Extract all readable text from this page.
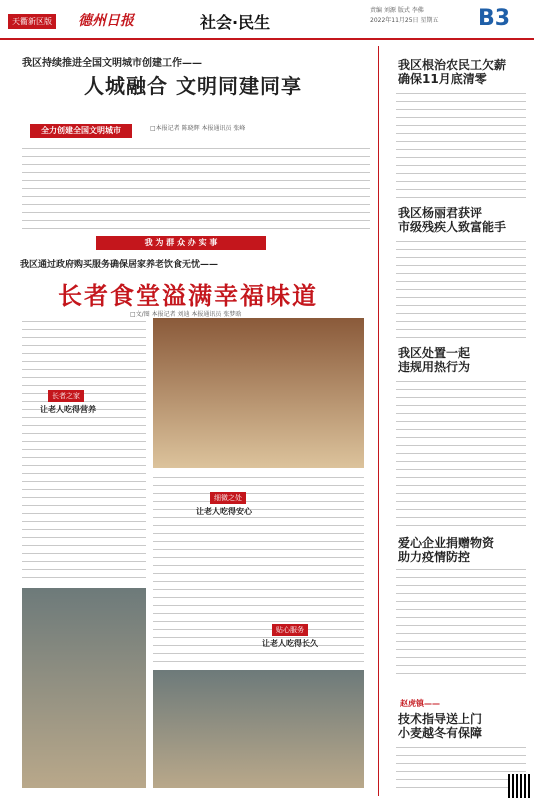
天衢新区版 德州日报	社会·民生
责编 刘源 版式 李佛
2022年11月25日 星期五 B3
我区持续推进全国文明城市创建工作——
人城融合 文明同建同享
全力创建全国文明城市	□本报记者 陈晓辉 本报通讯员 张峰
我 为 群 众 办 实 事
我区通过政府购买服务确保居家养老饮食无忧——
长者食堂溢满幸福味道
□文/图 本报记者 刘迪 本报通讯员 张梦晗
长者之家
让老人吃得营养
细微之处
让老人吃得安心
贴心服务
让老人吃得长久
我区根治农民工欠薪
确保11月底清零
我区杨丽君获评
市级残疾人致富能手
我区处置一起
违规用热行为
爱心企业捐赠物资
助力疫情防控
赵虎镇——
技术指导送上门
小麦越冬有保障
